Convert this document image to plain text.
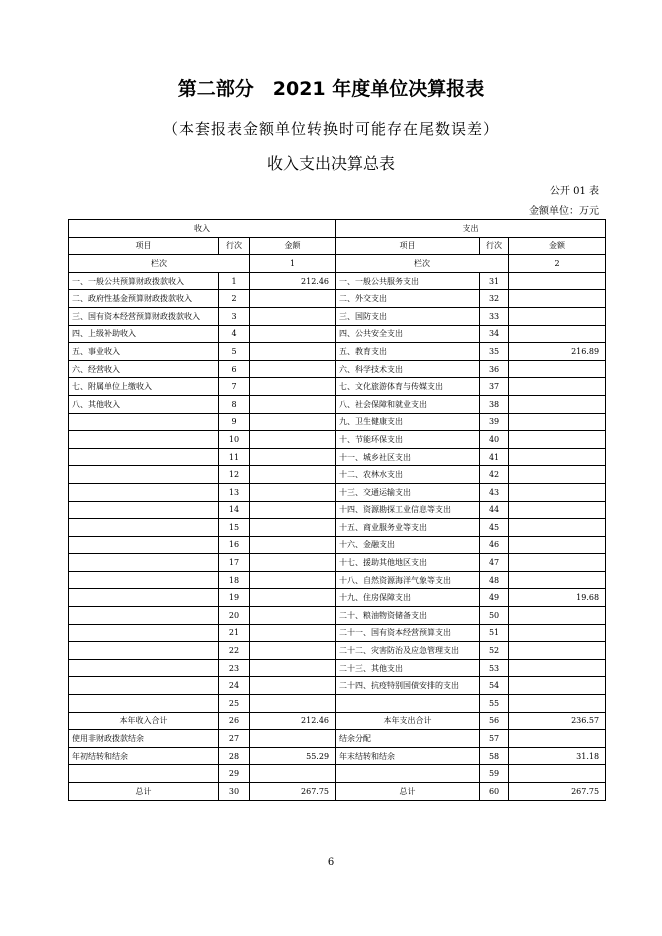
第二部分　2021 年度单位决算报表
（本套报表金额单位转换时可能存在尾数误差）
收入支出决算总表
公开 01 表
金额单位：万元
收入			支出		
项目	行次	金额	项目	行次	金额
栏次		1	栏次		2
一、一般公共预算财政拨款收入	1	212.46	一、一般公共服务支出	31	
二、政府性基金预算财政拨款收入	2		二、外交支出	32	
三、国有资本经营预算财政拨款收入	3		三、国防支出	33	
四、上级补助收入	4		四、公共安全支出	34	
五、事业收入	5		五、教育支出	35	216.89
六、经营收入	6		六、科学技术支出	36	
七、附属单位上缴收入	7		七、文化旅游体育与传媒支出	37	
八、其他收入	8		八、社会保障和就业支出	38	
	9		九、卫生健康支出	39	
	10		十、节能环保支出	40	
	11		十一、城乡社区支出	41	
	12		十二、农林水支出	42	
	13		十三、交通运输支出	43	
	14		十四、资源勘探工业信息等支出	44	
	15		十五、商业服务业等支出	45	
	16		十六、金融支出	46	
	17		十七、援助其他地区支出	47	
	18		十八、自然资源海洋气象等支出	48	
	19		十九、住房保障支出	49	19.68
	20		二十、粮油物资储备支出	50	
	21		二十一、国有资本经营预算支出	51	
	22		二十二、灾害防治及应急管理支出	52	
	23		二十三、其他支出	53	
	24		二十四、抗疫特别国债安排的支出	54	
	25			55	
本年收入合计	26	212.46	本年支出合计	56	236.57
使用非财政拨款结余	27		结余分配	57	
年初结转和结余	28	55.29	年末结转和结余	58	31.18
	29			59	
总计	30	267.75	总计	60	267.75
6
